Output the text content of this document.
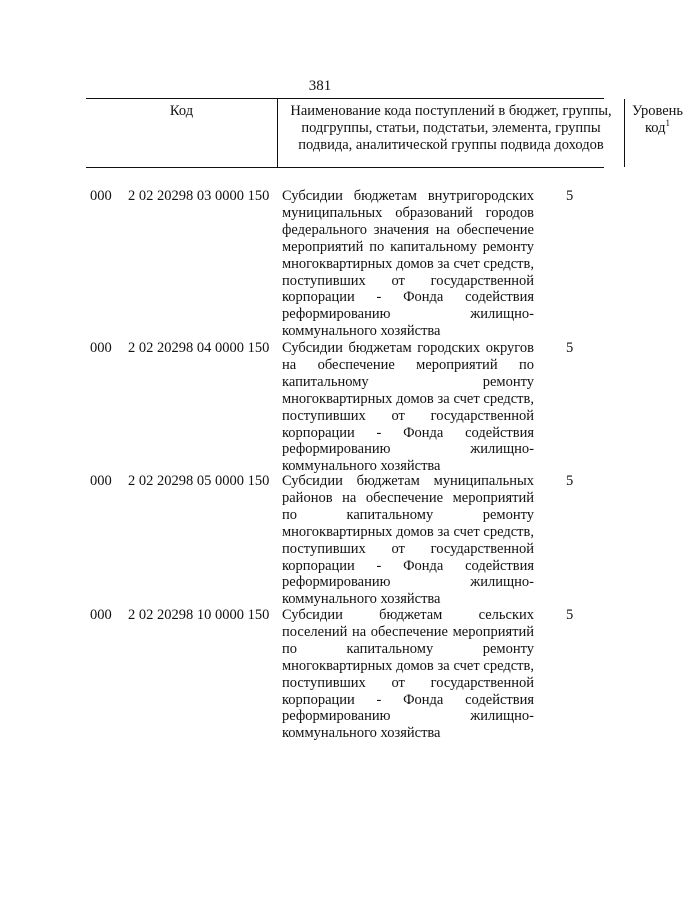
381
Код	Наименование кода поступлений в бюджет, группы, подгруппы, статьи, подстатьи, элемента, группы подвида, аналитической группы подвида доходов
Уровень код$^1$
000 2 02 20298 03 0000 150 Субсидии бюджетам внутригородских муниципальных образований городов федерального значения на обеспечение мероприятий по капитальному ремонту многоквартирных домов за счет средств, поступивших от государственной корпорации - Фонда содействия реформированию жилищно-коммунального хозяйства
5
000 2 02 20298 04 0000 150 Субсидии бюджетам городских округов на обеспечение мероприятий по капитальному ремонту многоквартирных домов за счет средств, поступивших от государственной корпорации - Фонда содействия реформированию жилищно-коммунального хозяйства
5
000 2 02 20298 05 0000 150 Субсидии бюджетам муниципальных районов на обеспечение мероприятий по капитальному ремонту многоквартирных домов за счет средств, поступивших от государственной корпорации - Фонда содействия реформированию жилищно-коммунального хозяйства
5
000 2 02 20298 10 0000 150 Субсидии бюджетам сельских поселений на обеспечение мероприятий по капитальному ремонту многоквартирных домов за счет средств, поступивших от государственной корпорации - Фонда содействия реформированию жилищно-коммунального хозяйства
5
